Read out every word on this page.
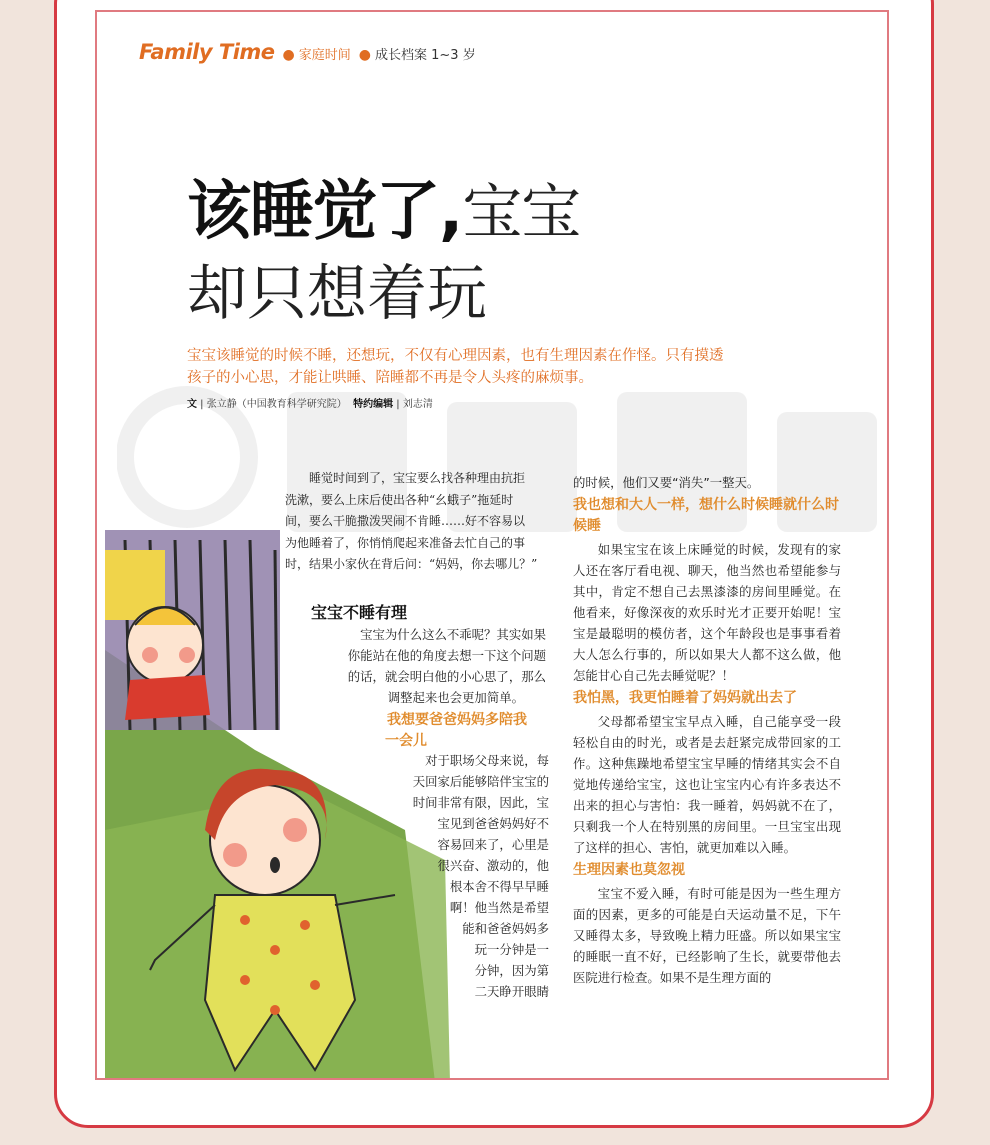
Family Time ● 家庭时间 ● 成长档案 1~3 岁
该睡觉了,宝宝
却只想着玩
宝宝该睡觉的时候不睡，还想玩，不仅有心理因素，也有生理因素在作怪。只有摸透孩子的小心思，才能让哄睡、陪睡都不再是令人头疼的麻烦事。
文 | 张立静（中国教育科学研究院） 特约编辑 | 刘志清
睡觉时间到了，宝宝要么找各种理由抗拒
洗漱，要么上床后使出各种“幺蛾子”拖延时
间，要么干脆撒泼哭闹不肯睡……好不容易以
为他睡着了，你悄悄爬起来准备去忙自己的事
时，结果小家伙在背后问：“妈妈，你去哪儿？”
宝宝不睡有理
宝宝为什么这么不乖呢？其实如果
你能站在他的角度去想一下这个问题
的话，就会明白他的小心思了，那么
调整起来也会更加简单。
我想要爸爸妈妈多陪我
一会儿
对于职场父母来说，每
天回家后能够陪伴宝宝的
时间非常有限，因此，宝
宝见到爸爸妈妈好不
容易回来了，心里是
很兴奋、激动的，他
根本舍不得早早睡
啊！他当然是希望
能和爸爸妈妈多
玩一分钟是一
分钟，因为第
二天睁开眼睛

的时候，他们又要“消失”一整天。

我也想和大人一样，想什么时候睡就什么时候睡

如果宝宝在该上床睡觉的时候，发现有的家人还在客厅看电视、聊天，他当然也希望能参与其中，肯定不想自己去黑漆漆的房间里睡觉。在他看来，好像深夜的欢乐时光才正要开始呢！宝宝是最聪明的模仿者，这个年龄段也是事事看着大人怎么行事的，所以如果大人都不这么做，他怎能甘心自己先去睡觉呢？！

我怕黑，我更怕睡着了妈妈就出去了

父母都希望宝宝早点入睡，自己能享受一段轻松自由的时光，或者是去赶紧完成带回家的工作。这种焦躁地希望宝宝早睡的情绪其实会不自觉地传递给宝宝，这也让宝宝内心有许多表达不出来的担心与害怕：我一睡着，妈妈就不在了，只剩我一个人在特别黑的房间里。一旦宝宝出现了这样的担心、害怕，就更加难以入睡。

生理因素也莫忽视

宝宝不爱入睡，有时可能是因为一些生理方面的因素，更多的可能是白天运动量不足，下午又睡得太多，导致晚上精力旺盛。所以如果宝宝的睡眠一直不好，已经影响了生长，就要带他去医院进行检查。如果不是生理方面的
